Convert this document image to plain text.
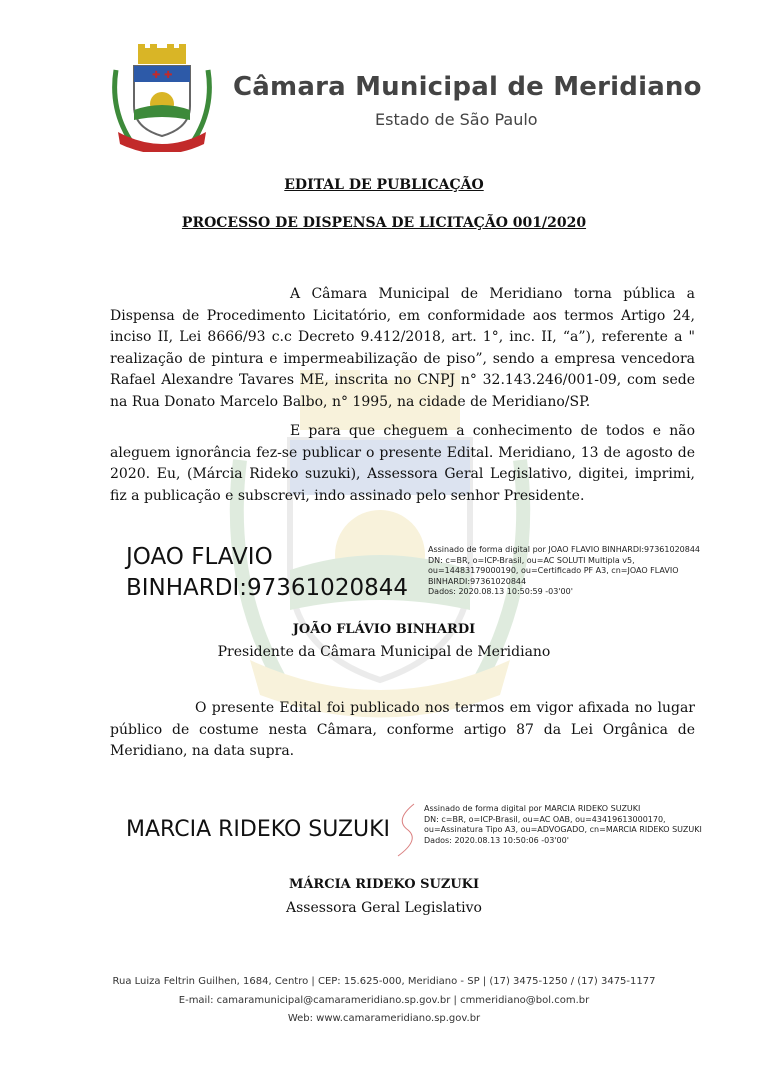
✚ ✚ Câmara Municipal de Meridiano
Estado de São Paulo
EDITAL DE PUBLICAÇÃO
PROCESSO DE DISPENSA DE LICITAÇÃO 001/2020
A Câmara Municipal de Meridiano torna pública a Dispensa de Procedimento Licitatório, em conformidade aos termos Artigo 24, inciso II, Lei 8666/93 c.c Decreto 9.412/2018, art. 1°, inc. II, “a”), referente a " realização de pintura e impermeabilização de piso”, sendo a empresa vencedora Rafael Alexandre Tavares ME, inscrita no CNPJ n° 32.143.246/001-09, com sede na Rua Donato Marcelo Balbo, n° 1995, na cidade de Meridiano/SP.
E para que cheguem a conhecimento de todos e não aleguem ignorância fez-se publicar o presente Edital. Meridiano, 13 de agosto de 2020. Eu, (Márcia Rideko suzuki), Assessora Geral Legislativo, digitei, imprimi, fiz a publicação e subscrevi, indo assinado pelo senhor Presidente.
JOAO FLAVIO
BINHARDI:97361020844
Assinado de forma digital por JOAO FLAVIO BINHARDI:97361020844
DN: c=BR, o=ICP-Brasil, ou=AC SOLUTI Multipla v5,
ou=14483179000190, ou=Certificado PF A3, cn=JOAO FLAVIO
BINHARDI:97361020844
Dados: 2020.08.13 10:50:59 -03'00'
JOÃO FLÁVIO BINHARDI
Presidente da Câmara Municipal de Meridiano
O presente Edital foi publicado nos termos em vigor afixada no lugar público de costume nesta Câmara, conforme artigo 87 da Lei Orgânica de Meridiano, na data supra.
MARCIA RIDEKO SUZUKI
Assinado de forma digital por MARCIA RIDEKO SUZUKI
DN: c=BR, o=ICP-Brasil, ou=AC OAB, ou=43419613000170,
ou=Assinatura Tipo A3, ou=ADVOGADO, cn=MARCIA RIDEKO SUZUKI
Dados: 2020.08.13 10:50:06 -03'00'
MÁRCIA RIDEKO SUZUKI
Assessora Geral Legislativo
Rua Luiza Feltrin Guilhen, 1684, Centro | CEP: 15.625-000, Meridiano - SP | (17) 3475-1250 / (17) 3475-1177
E-mail: camaramunicipal@camarameridiano.sp.gov.br | cmmeridiano@bol.com.br
Web: www.camarameridiano.sp.gov.br
